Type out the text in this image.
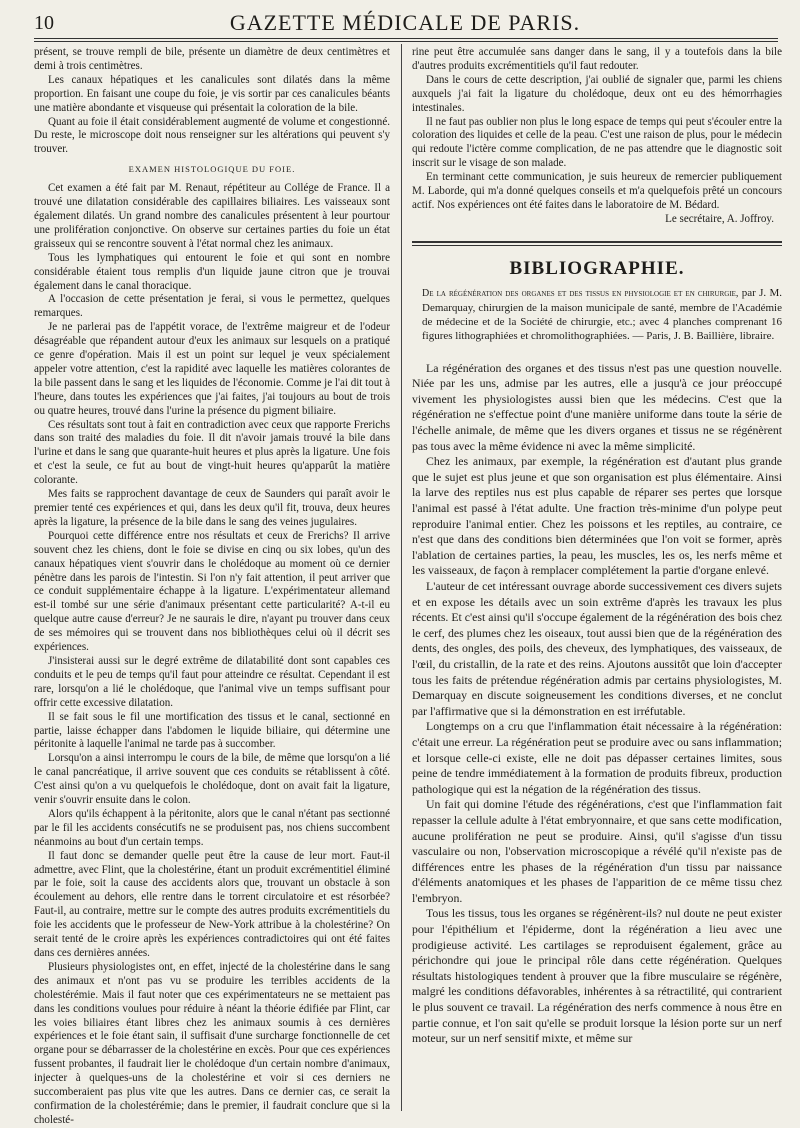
10	GAZETTE MÉDICALE DE PARIS.

présent, se trouve rempli de bile, présente un diamètre de deux centimètres et demi à trois centimètres.

Les canaux hépatiques et les canalicules sont dilatés dans la même proportion. En faisant une coupe du foie, je vis sortir par ces canalicules béants une matière abondante et visqueuse qui présentait la coloration de la bile.

Quant au foie il était considérablement augmenté de volume et congestionné. Du reste, le microscope doit nous renseigner sur les altérations qui peuvent s'y trouver.

EXAMEN HISTOLOGIQUE DU FOIE.

Cet examen a été fait par M. Renaut, répétiteur au Collége de France. Il a trouvé une dilatation considérable des capillaires biliaires. Les vaisseaux sont également dilatés. Un grand nombre des canalicules présentent à leur pourtour une prolifération conjonctive. On observe sur certaines parties du foie un état graisseux qui se rencontre souvent à l'état normal chez les animaux.

Tous les lymphatiques qui entourent le foie et qui sont en nombre considérable étaient tous remplis d'un liquide jaune citron que je trouvai également dans le canal thoracique.

A l'occasion de cette présentation je ferai, si vous le permettez, quelques remarques.

Je ne parlerai pas de l'appétit vorace, de l'extrême maigreur et de l'odeur désagréable que répandent autour d'eux les animaux sur lesquels on a pratiqué ce genre d'opération. Mais il est un point sur lequel je veux spécialement appeler votre attention, c'est la rapidité avec laquelle les matières colorantes de la bile passent dans le sang et les liquides de l'économie. Comme je l'ai dit tout à l'heure, dans toutes les expériences que j'ai faites, j'ai toujours au bout de trois ou quatre heures, trouvé dans l'urine la présence du pigment biliaire.

Ces résultats sont tout à fait en contradiction avec ceux que rapporte Frerichs dans son traité des maladies du foie. Il dit n'avoir jamais trouvé la bile dans l'urine et dans le sang que quarante-huit heures et plus après la ligature. Une fois et c'est la seule, ce fut au bout de vingt-huit heures qu'apparût la matière colorante.

Mes faits se rapprochent davantage de ceux de Saunders qui paraît avoir le premier tenté ces expériences et qui, dans les deux qu'il fit, trouva, deux heures après la ligature, la présence de la bile dans le sang des veines jugulaires.

Pourquoi cette différence entre nos résultats et ceux de Frerichs? Il arrive souvent chez les chiens, dont le foie se divise en cinq ou six lobes, qu'un des canaux hépatiques vient s'ouvrir dans le cholédoque au moment où ce dernier pénètre dans les parois de l'intestin. Si l'on n'y fait attention, il peut arriver que ce conduit supplémentaire échappe à la ligature. L'expérimentateur allemand est-il tombé sur une série d'animaux présentant cette particularité? A-t-il eu quelque autre cause d'erreur? Je ne saurais le dire, n'ayant pu trouver dans ceux de ses mémoires qui se trouvent dans nos bibliothèques celui où il décrit ses expériences.

J'insisterai aussi sur le degré extrême de dilatabilité dont sont capables ces conduits et le peu de temps qu'il faut pour atteindre ce résultat. Cependant il est rare, lorsqu'on a lié le cholédoque, que l'animal vive un temps suffisant pour offrir cette excessive dilatation.

Il se fait sous le fil une mortification des tissus et le canal, sectionné en partie, laisse échapper dans l'abdomen le liquide biliaire, qui détermine une péritonite à laquelle l'animal ne tarde pas à succomber.

Lorsqu'on a ainsi interrompu le cours de la bile, de même que lorsqu'on a lié le canal pancréatique, il arrive souvent que ces conduits se rétablissent à côté. C'est ainsi qu'on a vu quelquefois le cholédoque, dont on avait fait la ligature, venir s'ouvrir ensuite dans le colon.

Alors qu'ils échappent à la péritonite, alors que le canal n'étant pas sectionné par le fil les accidents consécutifs ne se produisent pas, nos chiens succombent néanmoins au bout d'un certain temps.

Il faut donc se demander quelle peut être la cause de leur mort. Faut-il admettre, avec Flint, que la cholestérine, étant un produit excrémentitiel éliminé par le foie, soit la cause des accidents alors que, trouvant un obstacle à son écoulement au dehors, elle rentre dans le torrent circulatoire et est résorbée? Faut-il, au contraire, mettre sur le compte des autres produits excrémentitiels du foie les accidents que le professeur de New-York attribue à la cholestérine? On serait tenté de le croire après les expériences contradictoires qui ont été faites dans ces dernières années.

Plusieurs physiologistes ont, en effet, injecté de la cholestérine dans le sang des animaux et n'ont pas vu se produire les terribles accidents de la cholestérémie. Mais il faut noter que ces expérimentateurs ne se mettaient pas dans les conditions voulues pour réduire à néant la théorie édifiée par Flint, car les voies biliaires étant libres chez les animaux soumis à ces dernières expériences et le foie étant sain, il suffisait d'une surcharge fonctionnelle de cet organe pour se débarrasser de la cholestérine en excès. Pour que ces expériences fussent probantes, il faudrait lier le cholédoque d'un certain nombre d'animaux, injecter à quelques-uns de la cholestérine et voir si ces derniers ne succomberaient pas plus vite que les autres. Dans ce dernier cas, ce serait la confirmation de la cholestérémie; dans le premier, il faudrait conclure que si la cholesté-

rine peut être accumulée sans danger dans le sang, il y a toutefois dans la bile d'autres produits excrémentitiels qu'il faut redouter.

Dans le cours de cette description, j'ai oublié de signaler que, parmi les chiens auxquels j'ai fait la ligature du cholédoque, deux ont eu des hémorrhagies intestinales.

Il ne faut pas oublier non plus le long espace de temps qui peut s'écouler entre la coloration des liquides et celle de la peau. C'est une raison de plus, pour le médecin qui redoute l'ictère comme complication, de ne pas attendre que le diagnostic soit inscrit sur le visage de son malade.

En terminant cette communication, je suis heureux de remercier publiquement M. Laborde, qui m'a donné quelques conseils et m'a quelquefois prêté un concours actif. Nos expériences ont été faites dans le laboratoire de M. Bédard.

Le secrétaire, A. Joffroy.

BIBLIOGRAPHIE.

De la régénération des organes et des tissus en physiologie et en chirurgie, par J. M. Demarquay, chirurgien de la maison municipale de santé, membre de l'Académie de médecine et de la Société de chirurgie, etc.; avec 4 planches comprenant 16 figures lithographiées et chromolithographiées. — Paris, J. B. Baillière, libraire.

La régénération des organes et des tissus n'est pas une question nouvelle. Niée par les uns, admise par les autres, elle a jusqu'à ce jour préoccupé vivement les physiologistes aussi bien que les médecins. C'est que la régénération ne s'effectue point d'une manière uniforme dans toute la série de l'échelle animale, de même que les divers organes et tissus ne se régénèrent pas tous avec la même évidence ni avec la même simplicité.

Chez les animaux, par exemple, la régénération est d'autant plus grande que le sujet est plus jeune et que son organisation est plus élémentaire. Ainsi la larve des reptiles nus est plus capable de réparer ses pertes que lorsque l'animal est passé à l'état adulte. Une fraction très-minime d'un polype peut reproduire l'animal entier. Chez les poissons et les reptiles, au contraire, ce n'est que dans des conditions bien déterminées que l'on voit se former, après l'ablation de certaines parties, la peau, les muscles, les os, les nerfs même et les vaisseaux, de façon à remplacer complétement la partie d'organe enlevé.

L'auteur de cet intéressant ouvrage aborde successivement ces divers sujets et en expose les détails avec un soin extrême d'après les travaux les plus récents. Et c'est ainsi qu'il s'occupe également de la régénération des bois chez le cerf, des plumes chez les oiseaux, tout aussi bien que de la régénération des dents, des ongles, des poils, des cheveux, des lymphatiques, des vaisseaux, de l'œil, du cristallin, de la rate et des reins. Ajoutons aussitôt que loin d'accepter tous les faits de prétendue régénération admis par certains physiologistes, M. Demarquay en discute soigneusement les conditions diverses, et ne conclut par l'affirmative que si la démonstration en est irréfutable.

Longtemps on a cru que l'inflammation était nécessaire à la régénération: c'était une erreur. La régénération peut se produire avec ou sans inflammation; et lorsque celle-ci existe, elle ne doit pas dépasser certaines limites, sous peine de tendre immédiatement à la formation de produits fibreux, production pathologique qui est la négation de la régénération des tissus.

Un fait qui domine l'étude des régénérations, c'est que l'inflammation fait repasser la cellule adulte à l'état embryonnaire, et que sans cette modification, aucune prolifération ne peut se produire. Ainsi, qu'il s'agisse d'un tissu vasculaire ou non, l'observation microscopique a révélé qu'il n'existe pas de différences entre les phases de la régénération d'un tissu par naissance d'éléments anatomiques et les phases de l'apparition de ce même tissu chez l'embryon.

Tous les tissus, tous les organes se régénèrent-ils? nul doute ne peut exister pour l'épithélium et l'épiderme, dont la régénération a lieu avec une prodigieuse activité. Les cartilages se reproduisent également, grâce au périchondre qui joue le principal rôle dans cette régénération. Quelques résultats histologiques tendent à prouver que la fibre musculaire se régénère, malgré les conditions défavorables, inhérentes à sa rétractilité, qui contrarient le plus souvent ce travail. La régénération des nerfs commence à nous être en partie connue, et l'on sait qu'elle se produit lorsque la lésion porte sur un nerf moteur, sur un nerf sensitif mixte, et même sur
